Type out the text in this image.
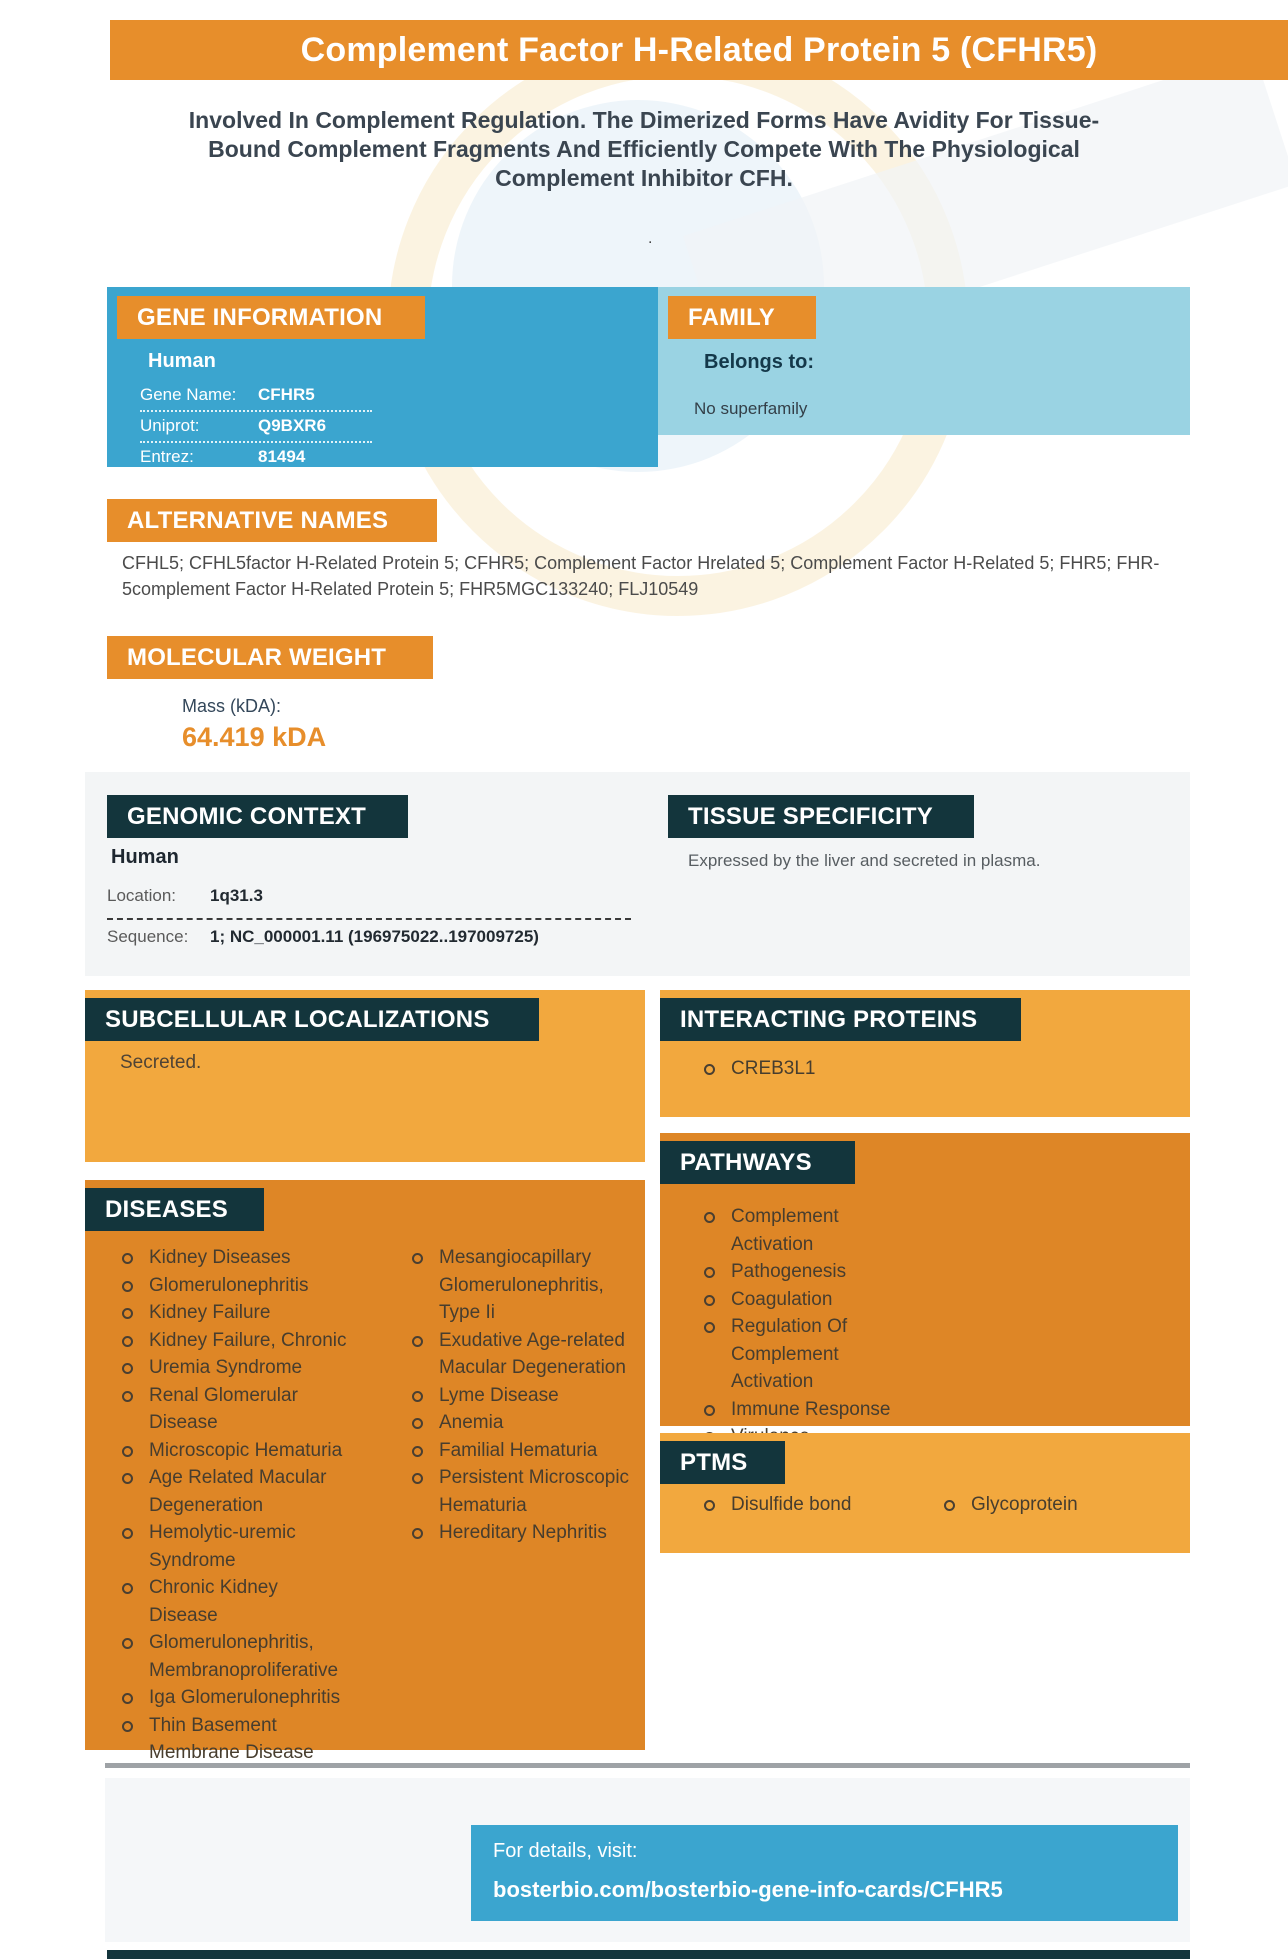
Complement Factor H-Related Protein 5 (CFHR5)
Involved In Complement Regulation. The Dimerized Forms Have Avidity For Tissue-Bound Complement Fragments And Efficiently Compete With The Physiological Complement Inhibitor CFH.
.
GENE INFORMATION
Human
Gene Name:	CFHR5
Uniprot:	Q9BXR6
Entrez:	81494
FAMILY
Belongs to:
No superfamily
ALTERNATIVE NAMES
CFHL5; CFHL5factor H-Related Protein 5; CFHR5; Complement Factor Hrelated 5; Complement Factor H-Related 5; FHR5; FHR-5complement Factor H-Related Protein 5; FHR5MGC133240; FLJ10549
MOLECULAR WEIGHT
Mass (kDA):
64.419 kDA
GENOMIC CONTEXT
Human
Location:	1q31.3
Sequence:	1; NC_000001.11 (196975022..197009725)
TISSUE SPECIFICITY
Expressed by the liver and secreted in plasma.
SUBCELLULAR LOCALIZATIONS
Secreted.
INTERACTING PROTEINS
CREB3L1
DISEASES
Kidney Diseases
Glomerulonephritis
Kidney Failure
Kidney Failure, Chronic
Uremia Syndrome
Renal Glomerular Disease
Microscopic Hematuria
Age Related Macular Degeneration
Hemolytic-uremic Syndrome
Chronic Kidney Disease
Glomerulonephritis, Membranoproliferative
Iga Glomerulonephritis
Thin Basement Membrane Disease
Mesangiocapillary Glomerulonephritis, Type Ii
Exudative Age-related Macular Degeneration
Lyme Disease
Anemia
Familial Hematuria
Persistent Microscopic Hematuria
Hereditary Nephritis
PATHWAYS
Complement Activation
Pathogenesis
Coagulation
Regulation Of Complement Activation
Immune Response
PTMS
Disulfide bond	Glycoprotein
For details, visit:
bosterbio.com/bosterbio-gene-info-cards/CFHR5
